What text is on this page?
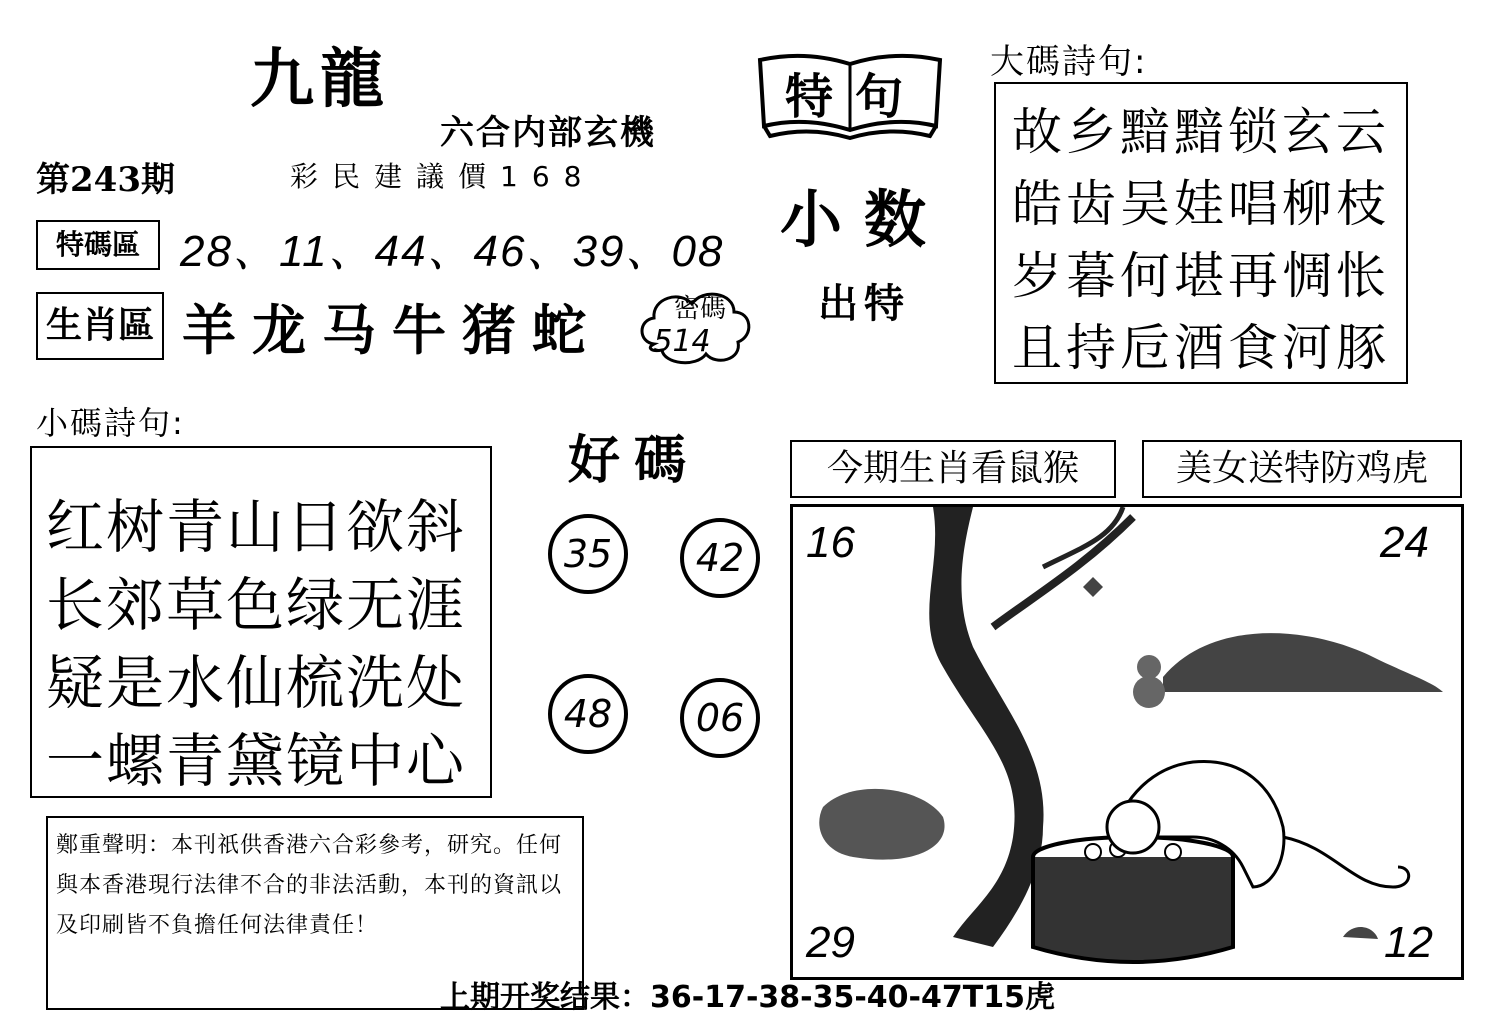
九龍
六合内部玄機
第243期	彩民建議價168
特碼區 28、11、44、46、39、08
生肖區 羊龙马牛猪蛇	密碼
514
特句
小数
出特
大碼詩句:
故乡黯黯锁玄云
皓齿吴娃唱柳枝
岁暮何堪再惆怅
且持卮酒食河豚
小碼詩句:
红树青山日欲斜
长郊草色绿无涯
疑是水仙梳洗处
一螺青黛镜中心
好碼
35	42
48	06
今期生肖看鼠猴	美女送特防鸡虎
16	24
29	12
鄭重聲明：本刊祇供香港六合彩參考，研究。任何與本香港現行法律不合的非法活動，本刊的資訊以及印刷皆不負擔任何法律責任！
上期开奖结果：36-17-38-35-40-47T15虎
